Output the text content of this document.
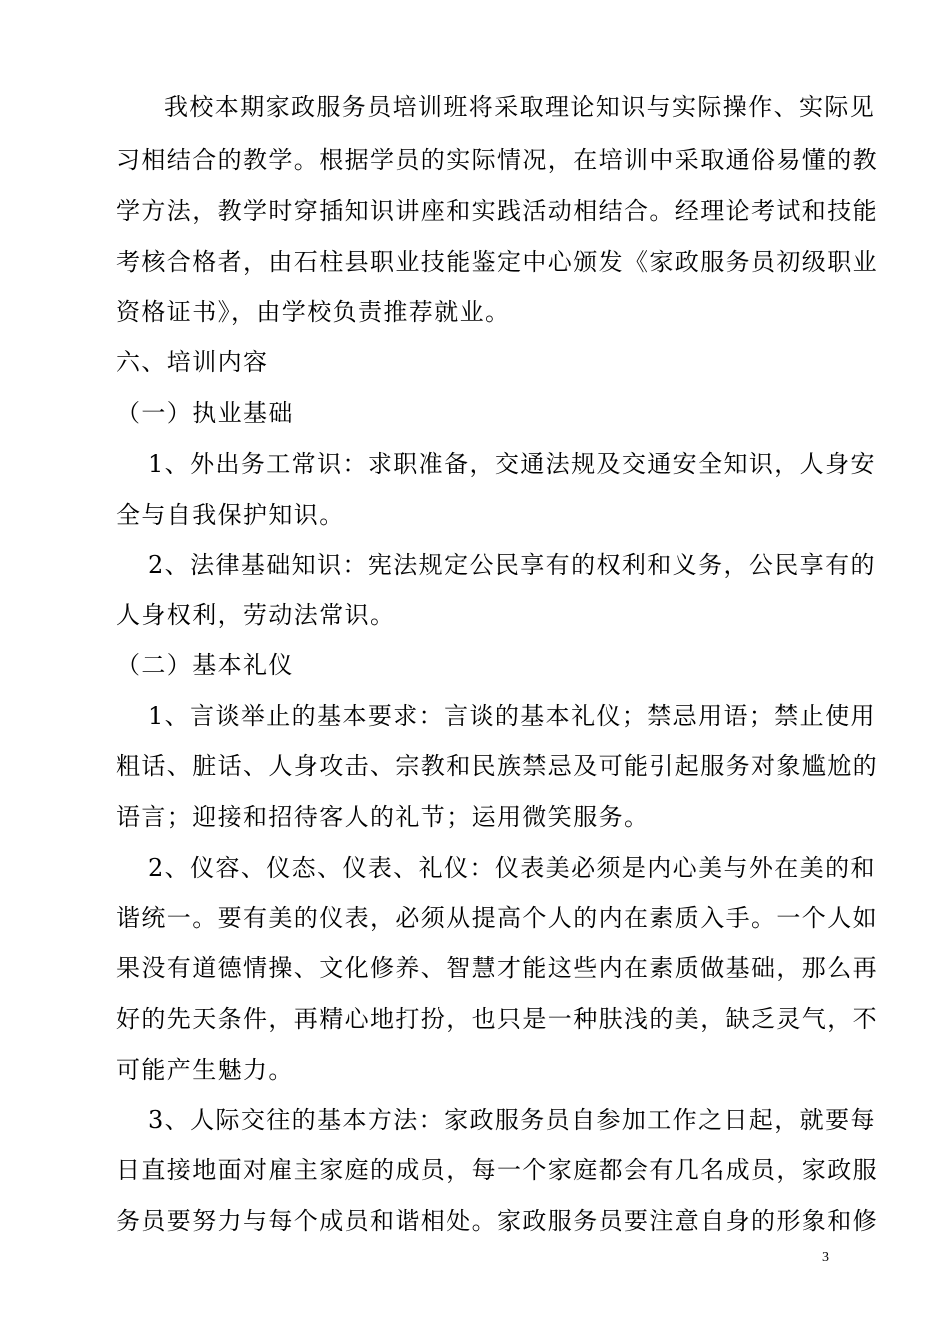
我校本期家政服务员培训班将采取理论知识与实际操作、实际见
习相结合的教学。根据学员的实际情况，在培训中采取通俗易懂的教
学方法，教学时穿插知识讲座和实践活动相结合。经理论考试和技能
考核合格者，由石柱县职业技能鉴定中心颁发《家政服务员初级职业
资格证书》，由学校负责推荐就业。
六、培训内容
（一）执业基础
1、外出务工常识：求职准备，交通法规及交通安全知识，人身安
全与自我保护知识。
2、法律基础知识：宪法规定公民享有的权利和义务，公民享有的
人身权利，劳动法常识。
（二）基本礼仪
1、言谈举止的基本要求：言谈的基本礼仪；禁忌用语；禁止使用
粗话、脏话、人身攻击、宗教和民族禁忌及可能引起服务对象尴尬的
语言；迎接和招待客人的礼节；运用微笑服务。
2、仪容、仪态、仪表、礼仪：仪表美必须是内心美与外在美的和
谐统一。要有美的仪表，必须从提高个人的内在素质入手。一个人如
果没有道德情操、文化修养、智慧才能这些内在素质做基础，那么再
好的先天条件，再精心地打扮，也只是一种肤浅的美，缺乏灵气，不
可能产生魅力。
3、人际交往的基本方法：家政服务员自参加工作之日起，就要每
日直接地面对雇主家庭的成员，每一个家庭都会有几名成员，家政服
务员要努力与每个成员和谐相处。家政服务员要注意自身的形象和修
3
